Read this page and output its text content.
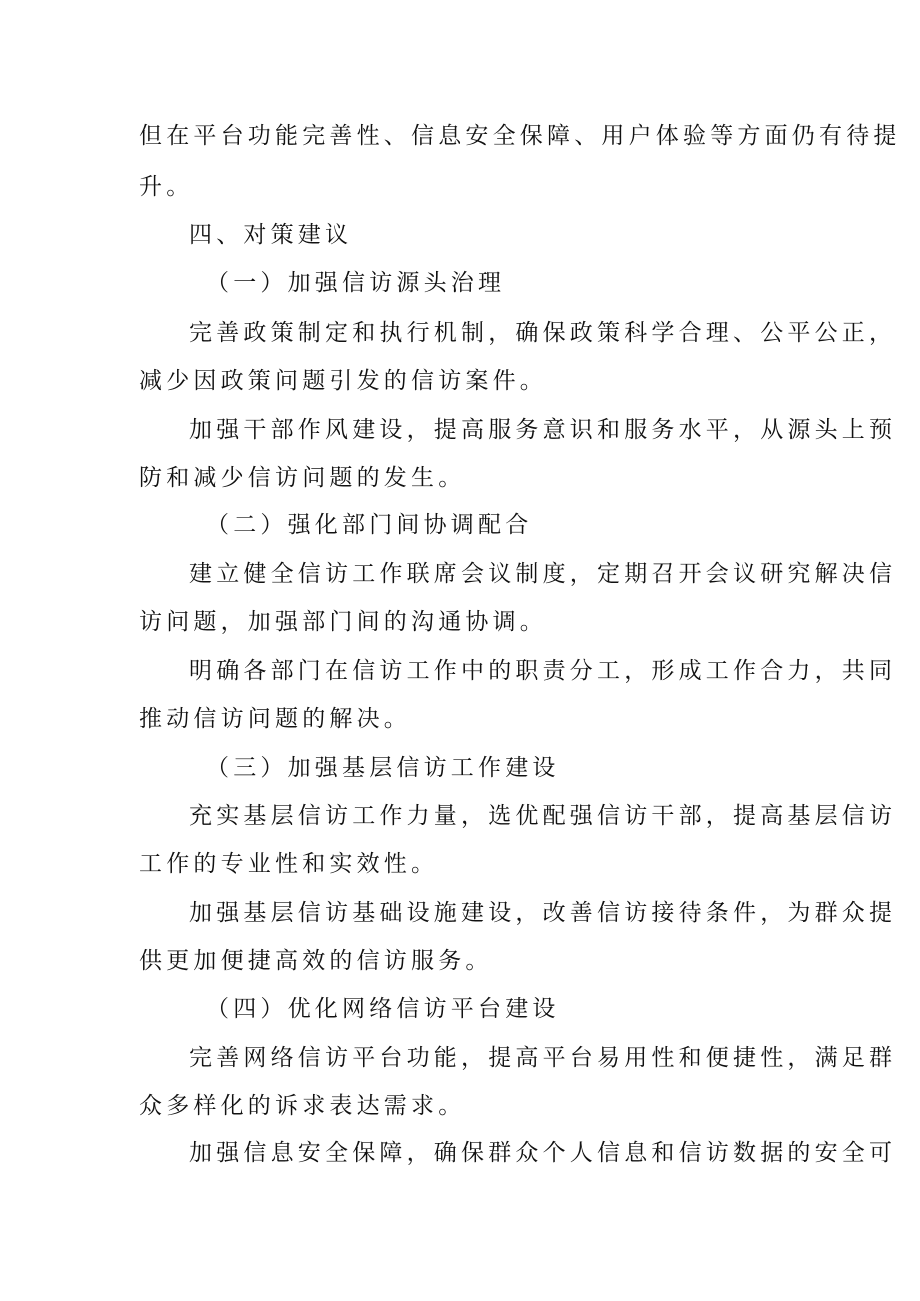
但在平台功能完善性、信息安全保障、用户体验等方面仍有待提
升。
四、对策建议
（一）加强信访源头治理
完善政策制定和执行机制，确保政策科学合理、公平公正，
减少因政策问题引发的信访案件。
加强干部作风建设，提高服务意识和服务水平，从源头上预
防和减少信访问题的发生。
（二）强化部门间协调配合
建立健全信访工作联席会议制度，定期召开会议研究解决信
访问题，加强部门间的沟通协调。
明确各部门在信访工作中的职责分工，形成工作合力，共同
推动信访问题的解决。
（三）加强基层信访工作建设
充实基层信访工作力量，选优配强信访干部，提高基层信访
工作的专业性和实效性。
加强基层信访基础设施建设，改善信访接待条件，为群众提
供更加便捷高效的信访服务。
（四）优化网络信访平台建设
完善网络信访平台功能，提高平台易用性和便捷性，满足群
众多样化的诉求表达需求。
加强信息安全保障，确保群众个人信息和信访数据的安全可
